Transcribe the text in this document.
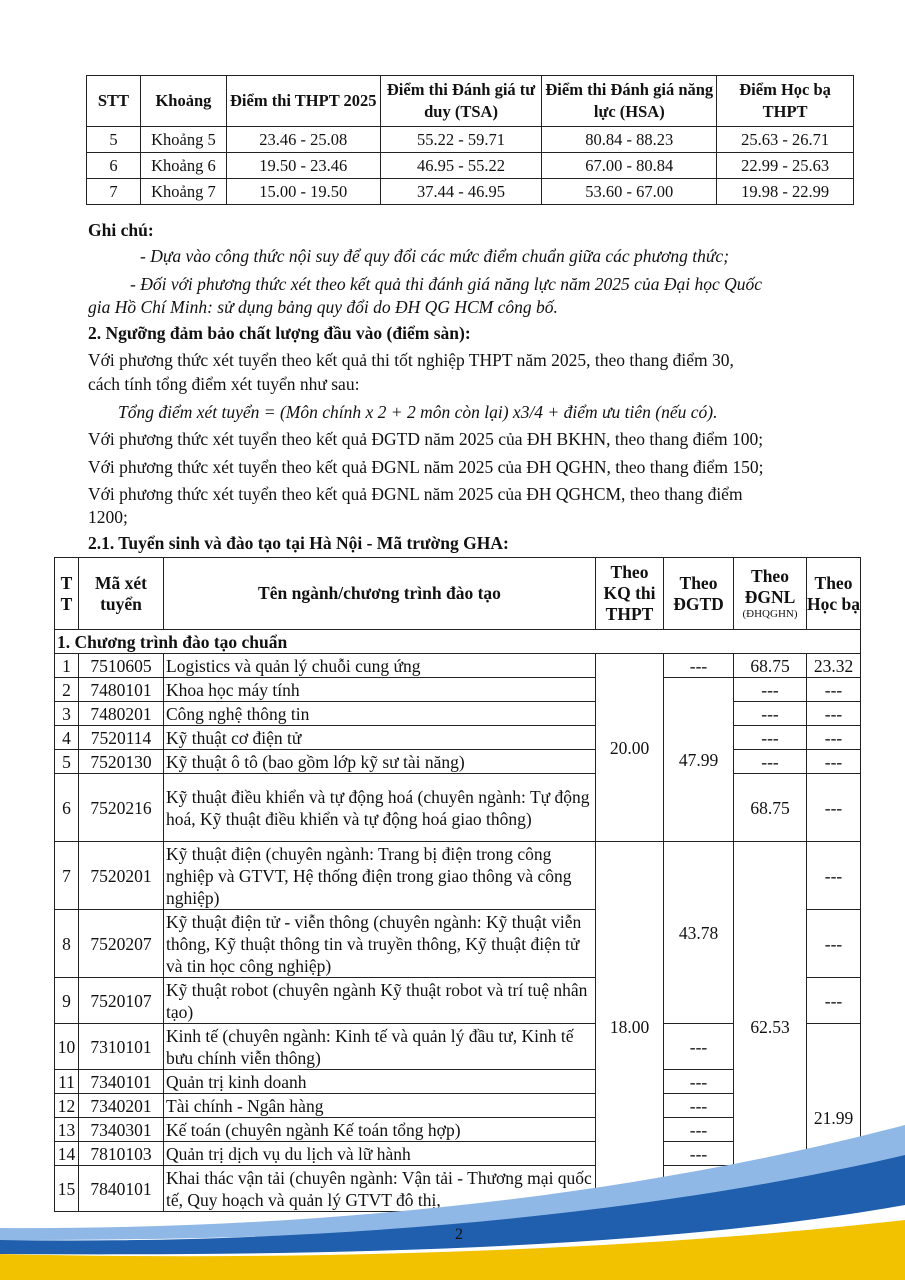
STT	Khoảng	Điểm thi THPT 2025	Điểm thi Đánh giá tư duy (TSA)	Điểm thi Đánh giá năng lực (HSA)	Điểm Học bạ THPT
5	Khoảng 5	23.46 - 25.08	55.22 - 59.71	80.84 - 88.23	25.63 - 26.71
6	Khoảng 6	19.50 - 23.46	46.95 - 55.22	67.00 - 80.84	22.99 - 25.63
7	Khoảng 7	15.00 - 19.50	37.44 - 46.95	53.60 - 67.00	19.98 - 22.99
Ghi chú:
- Dựa vào công thức nội suy để quy đổi các mức điểm chuẩn giữa các phương thức;
- Đối với phương thức xét theo kết quả thi đánh giá năng lực năm 2025 của Đại học Quốc
gia Hồ Chí Minh: sử dụng bảng quy đổi do ĐH QG HCM công bố.
2. Ngưỡng đảm bảo chất lượng đầu vào (điểm sàn):
Với phương thức xét tuyển theo kết quả thi tốt nghiệp THPT năm 2025, theo thang điểm 30,
cách tính tổng điểm xét tuyển như sau:
Tổng điểm xét tuyển = (Môn chính x 2 + 2 môn còn lại) x3/4 + điểm ưu tiên (nếu có).
Với phương thức xét tuyển theo kết quả ĐGTD năm 2025 của ĐH BKHN, theo thang điểm 100;
Với phương thức xét tuyển theo kết quả ĐGNL năm 2025 của ĐH QGHN, theo thang điểm 150;
Với phương thức xét tuyển theo kết quả ĐGNL năm 2025 của ĐH QGHCM, theo thang điểm
1200;
2.1. Tuyển sinh và đào tạo tại Hà Nội - Mã trường GHA:
T T	Mã xét tuyển	Tên ngành/chương trình đào tạo	Theo KQ thi THPT	Theo ĐGTD	Theo ĐGNL
(ĐHQGHN)	Theo Học bạ
1. Chương trình đào tạo chuẩn						
1	7510605	Logistics và quản lý chuỗi cung ứng	20.00	---	68.75	23.32
2	7480101	Khoa học máy tính		47.99	---	---
3	7480201	Công nghệ thông tin			---	---
4	7520114	Kỹ thuật cơ điện tử			---	---
5	7520130	Kỹ thuật ô tô (bao gồm lớp kỹ sư tài năng)			---	---
6	7520216	Kỹ thuật điều khiển và tự động hoá (chuyên ngành: Tự động hoá, Kỹ thuật điều khiển và tự động hoá giao thông)			68.75	---
7	7520201	Kỹ thuật điện (chuyên ngành: Trang bị điện trong công nghiệp và GTVT, Hệ thống điện trong giao thông và công nghiệp)	18.00	43.78	62.53	---
8	7520207	Kỹ thuật điện tử - viễn thông (chuyên ngành: Kỹ thuật viễn thông, Kỹ thuật thông tin và truyền thông, Kỹ thuật điện tử và tin học công nghiệp)				---
9	7520107	Kỹ thuật robot (chuyên ngành Kỹ thuật robot và trí tuệ nhân tạo)				---
10	7310101	Kinh tế (chuyên ngành: Kinh tế và quản lý đầu tư, Kinh tế bưu chính viễn thông)		---		21.99
11	7340101	Quản trị kinh doanh		---		
12	7340201	Tài chính - Ngân hàng		---		
13	7340301	Kế toán (chuyên ngành Kế toán tổng hợp)		---		
14	7810103	Quản trị dịch vụ du lịch và lữ hành		---		
15	7840101	Khai thác vận tải (chuyên ngành: Vận tải - Thương mại quốc tế, Quy hoạch và quản lý GTVT đô thị,	
2
